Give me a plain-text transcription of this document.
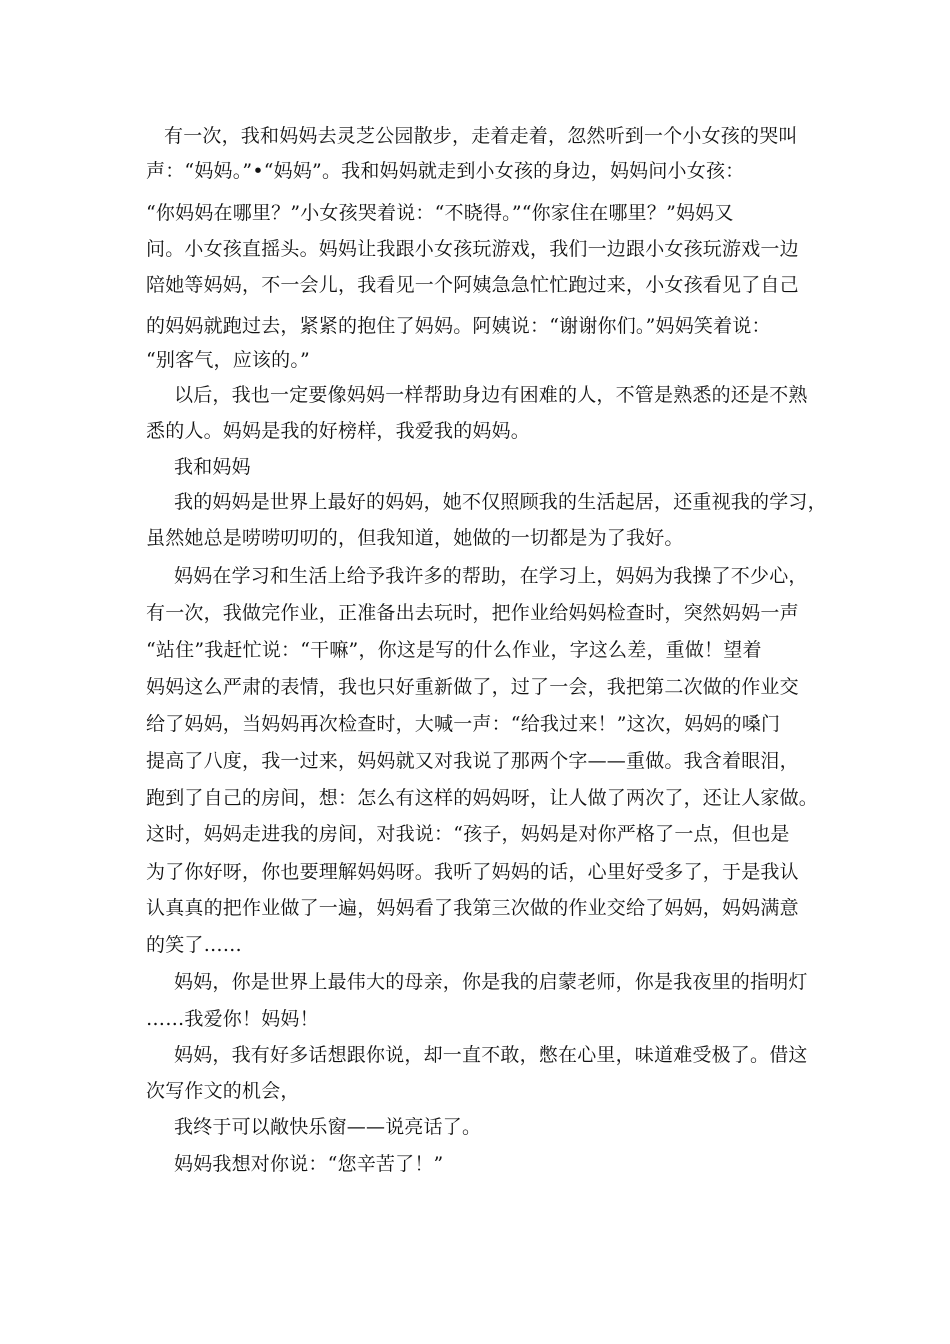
有一次，我和妈妈去灵芝公园散步，走着走着，忽然听到一个小女孩的哭叫
声：“妈妈。”•“妈妈”。我和妈妈就走到小女孩的身边，妈妈问小女孩：
“你妈妈在哪里？”小女孩哭着说：“不晓得。”“你家住在哪里？”妈妈又
问。小女孩直摇头。妈妈让我跟小女孩玩游戏，我们一边跟小女孩玩游戏一边
陪她等妈妈，不一会儿，我看见一个阿姨急急忙忙跑过来，小女孩看见了自己
的妈妈就跑过去，紧紧的抱住了妈妈。阿姨说：“谢谢你们。”妈妈笑着说：
“别客气，应该的。”
以后，我也一定要像妈妈一样帮助身边有困难的人，不管是熟悉的还是不熟
悉的人。妈妈是我的好榜样，我爱我的妈妈。
我和妈妈
我的妈妈是世界上最好的妈妈，她不仅照顾我的生活起居，还重视我的学习，
虽然她总是唠唠叨叨的，但我知道，她做的一切都是为了我好。
妈妈在学习和生活上给予我许多的帮助，在学习上，妈妈为我操了不少心，
有一次，我做完作业，正准备出去玩时，把作业给妈妈检查时，突然妈妈一声
“站住”我赶忙说：“干嘛”，你这是写的什么作业，字这么差，重做！望着
妈妈这么严肃的表情，我也只好重新做了，过了一会，我把第二次做的作业交
给了妈妈，当妈妈再次检查时，大喊一声：“给我过来！”这次，妈妈的嗓门
提高了八度，我一过来，妈妈就又对我说了那两个字——重做。我含着眼泪，
跑到了自己的房间，想：怎么有这样的妈妈呀，让人做了两次了，还让人家做。
这时，妈妈走进我的房间，对我说：“孩子，妈妈是对你严格了一点，但也是
为了你好呀，你也要理解妈妈呀。我听了妈妈的话，心里好受多了，于是我认
认真真的把作业做了一遍，妈妈看了我第三次做的作业交给了妈妈，妈妈满意
的笑了……
妈妈，你是世界上最伟大的母亲，你是我的启蒙老师，你是我夜里的指明灯
……我爱你！妈妈！
妈妈，我有好多话想跟你说，却一直不敢，憋在心里，味道难受极了。借这
次写作文的机会，
我终于可以敞快乐窗——说亮话了。
妈妈我想对你说：“您辛苦了！”
